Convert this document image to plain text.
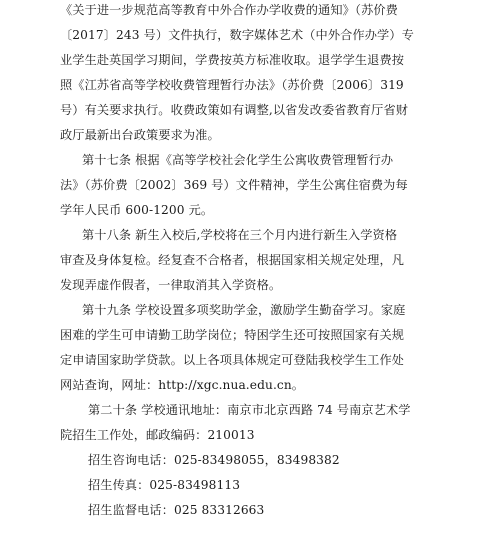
《关于进一步规范高等教育中外合作办学收费的通知》（苏价费
〔2017〕243 号）文件执行，数字媒体艺术（中外合作办学）专
业学生赴英国学习期间，学费按英方标准收取。退学学生退费按
照《江苏省高等学校收费管理暂行办法》（苏价费〔2006〕319
号）有关要求执行。收费政策如有调整,以省发改委省教育厅省财
政厅最新出台政策要求为准。
第十七条 根据《高等学校社会化学生公寓收费管理暂行办
法》（苏价费〔2002〕369 号）文件精神，学生公寓住宿费为每
学年人民币 600-1200 元。
第十八条 新生入校后,学校将在三个月内进行新生入学资格
审查及身体复检。经复查不合格者，根据国家相关规定处理，凡
发现弄虚作假者，一律取消其入学资格。
第十九条 学校设置多项奖助学金，激励学生勤奋学习。家庭
困难的学生可申请勤工助学岗位；特困学生还可按照国家有关规
定申请国家助学贷款。以上各项具体规定可登陆我校学生工作处
网站查询，网址：http://xgc.nua.edu.cn。
第二十条 学校通讯地址：南京市北京西路 74 号南京艺术学
院招生工作处，邮政编码：210013
招生咨询电话：025-83498055，83498382
招生传真：025-83498113
招生监督电话：025 83312663
